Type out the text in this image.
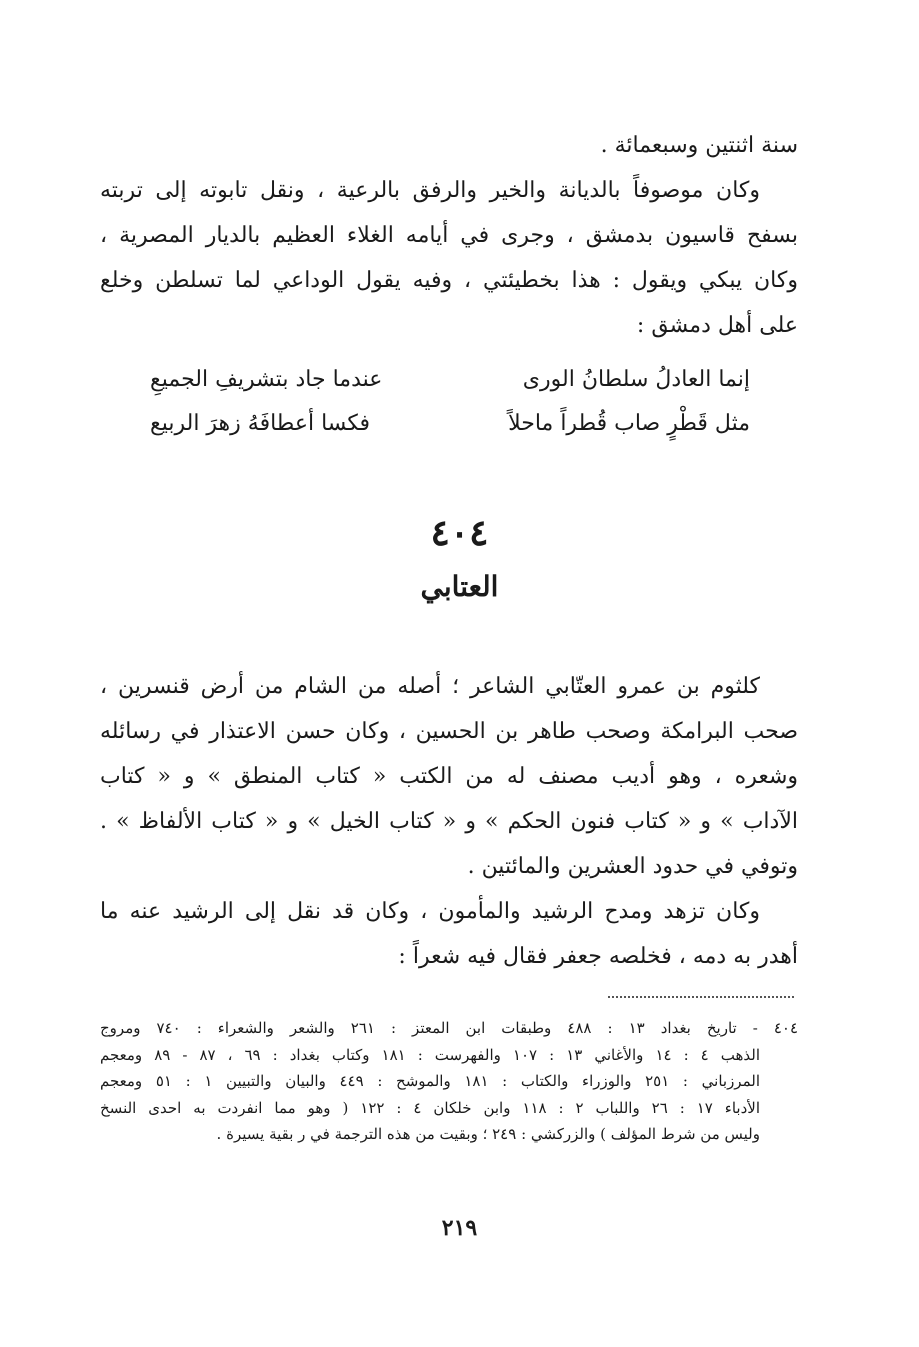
سنة اثنتين وسبعمائة .
وكان موصوفاً بالديانة والخير والرفق بالرعية ، ونقل تابوته إلى تربته
بسفح قاسيون بدمشق ، وجرى في أيامه الغلاء العظيم بالديار المصرية ،
وكان يبكي ويقول : هذا بخطيئتي ، وفيه يقول الوداعي لما تسلطن وخلع
على أهل دمشق :
إنما العادلُ سلطانُ الورى
عندما جاد بتشريفِ الجميعِ
مثل قَطْرٍ صاب قُطراً ماحلاً
فكسا أعطافَهُ زهرَ الربيع
٤٠٤
العتابي
كلثوم بن عمرو العتّابي الشاعر ؛ أصله من الشام من أرض قنسرين ،
صحب البرامكة وصحب طاهر بن الحسين ، وكان حسن الاعتذار في رسائله
وشعره ، وهو أديب مصنف له من الكتب « كتاب المنطق » و « كتاب
الآداب » و « كتاب فنون الحكم » و « كتاب الخيل » و « كتاب الألفاظ » .
وتوفي في حدود العشرين والمائتين .
وكان تزهد ومدح الرشيد والمأمون ، وكان قد نقل إلى الرشيد عنه ما
أهدر به دمه ، فخلصه جعفر فقال فيه شعراً :
٤٠٤ - تاريخ بغداد ١٣ : ٤٨٨ وطبقات ابن المعتز : ٢٦١ والشعر والشعراء : ٧٤٠ ومروج
الذهب ٤ : ١٤ والأغاني ١٣ : ١٠٧ والفهرست : ١٨١ وكتاب بغداد : ٦٩ ، ٨٧ - ٨٩ ومعجم
المرزباني : ٢٥١ والوزراء والكتاب : ١٨١ والموشح : ٤٤٩ والبيان والتبيين ١ : ٥١ ومعجم
الأدباء ١٧ : ٢٦ واللباب ٢ : ١١٨ وابن خلكان ٤ : ١٢٢ ( وهو مما انفردت به احدى النسخ
وليس من شرط المؤلف ) والزركشي : ٢٤٩ ؛ وبقيت من هذه الترجمة في ر بقية يسيرة .
٢١٩
